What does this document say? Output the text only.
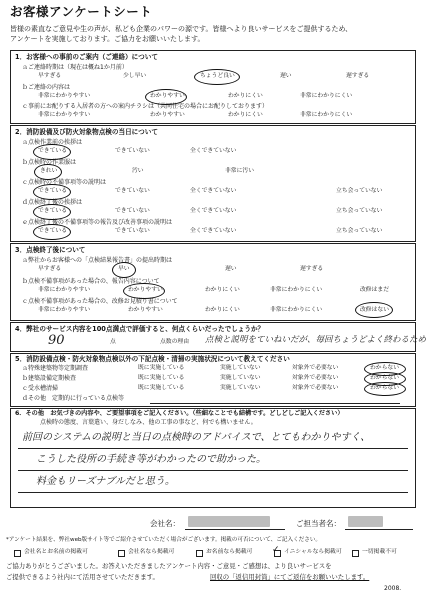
お客様アンケートシート
皆様の素直なご意見や生の声が、私ども企業のパワーの源です。皆様へより良いサービスをご提供するため、
アンケートを実施しております。ご協力をお願いいたします。
1．お客様への事前のご案内（ご連絡）について
ａご連絡時期は（現在は概ね1か月前）
早すぎる	少し早い	ちょうど良い	遅い	遅すぎる
ｂご連絡の内容は
非常にわかりやすい	わかりやすい	わかりにくい	非常にわかりにくい
ｃ事前にお配りする入居者の方への案内チラシは（共同住宅の場合にお配りしております）
非常にわかりやすい	わかりやすい	わかりにくい	非常にわかりにくい
2．消防設備及び防火対象物点検の当日について
ａ点検作業前の挨拶は
できている	できていない	全くできていない
ｂ点検時の作業服は
きれい	汚い	非常に汚い
ｃ点検時の不備事項等の説明は
できている	できていない	全くできていない	立ち会っていない
ｄ点検終了後の挨拶は
できている	できていない	全くできていない	立ち会っていない
ｅ点検終了後の不備事項等の報告及び改善事項の説明は
できている	できていない	全くできていない	立ち会っていない
3．点検終了後について
ａ弊社からお客様への「点検結果報告書」の提出時期は
早すぎる	早い	遅い	遅すぎる
ｂ点検不備事項があった場合の、報告内容について
非常にわかりやすい	わかりやすい	わかりにくい	非常にわかりにくい	改修はまだ
ｃ点検不備事項があった場合の、改修お見積り書について
非常にわかりやすい	わかりやすい	わかりにくい	非常にわかりにくい	改修はない
4．弊社のサービス内容を100点満点で評価すると、何点くらいだったでしょうか？
90	点	点数の理由 点検と説明をていねいだが、毎回ちょうどよく終わるため
5．消防設備点検・防火対象物点検以外の下記点検・清掃の実施状況について教えてください
ａ特殊建築物等定期調査	既に実施している	実施していない	対象外で必要ない	わからない
ｂ建築設備定期検査	既に実施している	実施していない	対象外で必要ない	わからない
ｃ受水槽清掃	既に実施している	実施していない	対象外で必要ない	わからない
ｄその他　定期的に行っている点検等
6．その他　お気づきの内容や、ご要望事項をご記入ください。（些細なことでも結構です。どしどしご記入ください）
点検時の態度、言葉遣い、身だしなみ、他の工事の事など、何でも構いません。
前回のシステムの説明と当日の点検時のアドバイスで、とてもわかりやすく、
こうした役所の手続き等がわかったので助かった。
料金もリーズナブルだと思う。
会社名：	ご担当者名：
*アンケート結果を、弊社web版サイト等でご紹介させていただく場合がございます。掲載の可否について、ご記入ください。
会社名とお名前の掲載可	会社名なら掲載可	お名前なら掲載可 ✓ イニシャルなら掲載可	一切掲載不可
ご協力ありがとうございました。お答えいただきましたアンケート内容・ご意見・ご感想は、より良いサービスを
ご提供できるよう社内にて活用させていただきます。	回収の「返信用封筒」にてご返信をお願いいたします。
2008.
